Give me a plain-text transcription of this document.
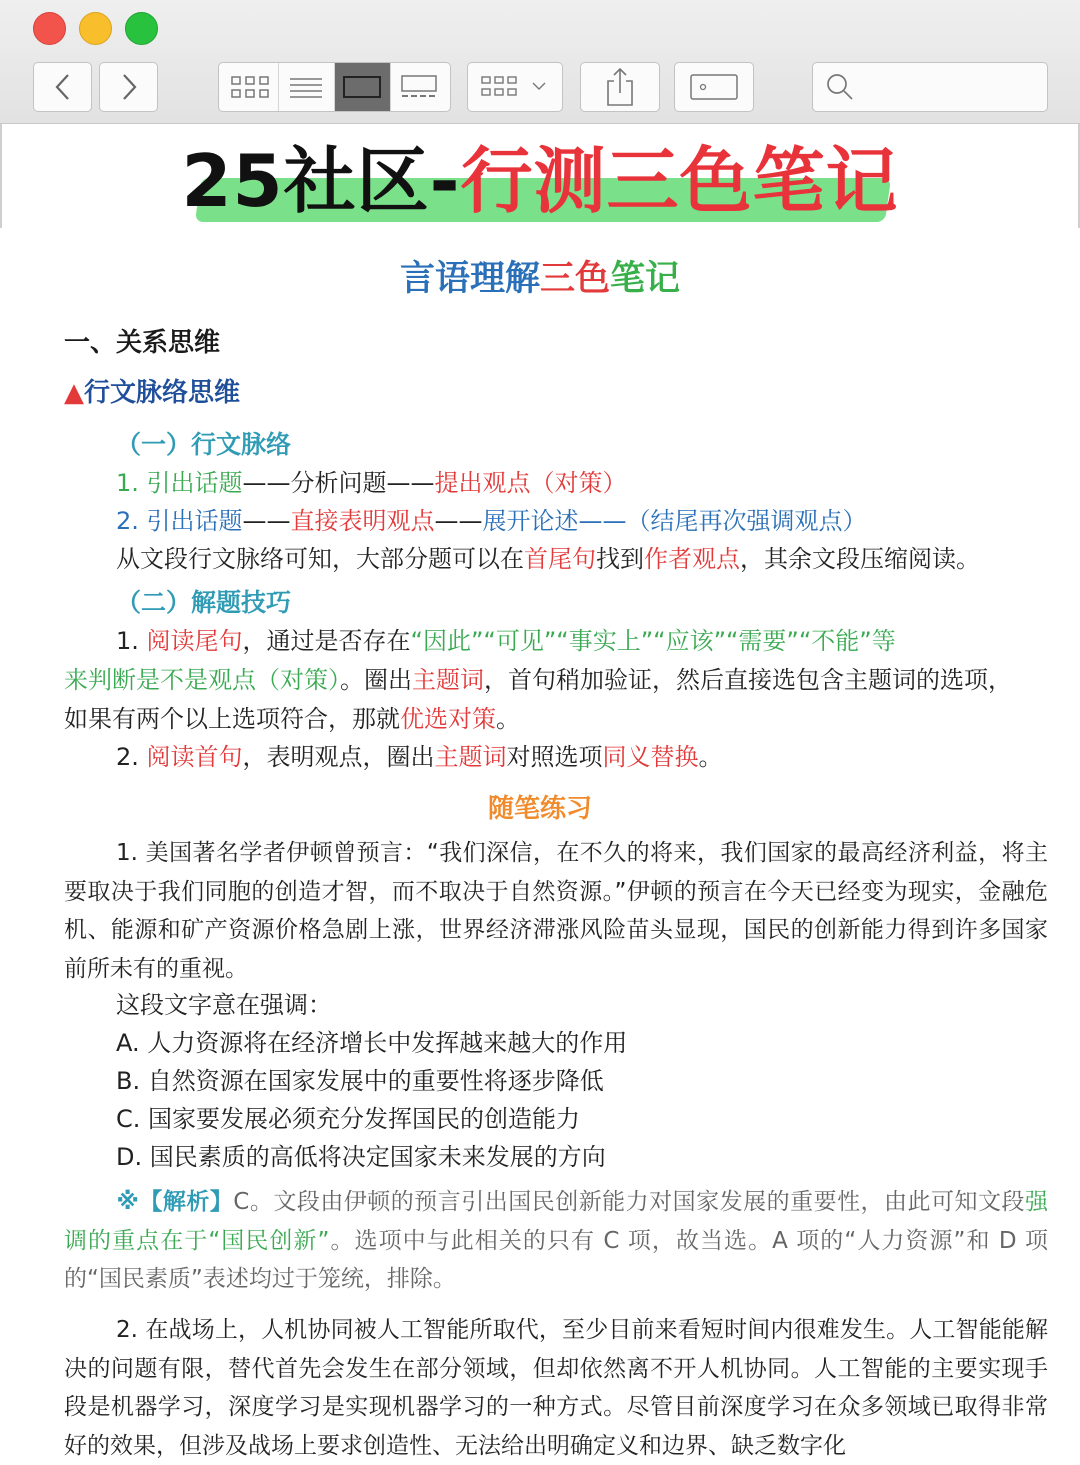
25社区-行测三色笔记
言语理解三色笔记
一、关系思维
▲行文脉络思维
（一）行文脉络
1. 引出话题——分析问题——提出观点（对策）
2. 引出话题——直接表明观点——展开论述——（结尾再次强调观点）
从文段行文脉络可知，大部分题可以在首尾句找到作者观点，其余文段压缩阅读。
（二）解题技巧
1. 阅读尾句，通过是否存在“因此”“可见”“事实上”“应该”“需要”“不能”等
来判断是不是观点（对策）。圈出主题词，首句稍加验证，然后直接选包含主题词的选项，
如果有两个以上选项符合，那就优选对策。
2. 阅读首句，表明观点，圈出主题词对照选项同义替换。
随笔练习
1. 美国著名学者伊顿曾预言：“我们深信，在不久的将来，我们国家的最高经济利益，将主要取决于我们同胞的创造才智，而不取决于自然资源。”伊顿的预言在今天已经变为现实，金融危机、能源和矿产资源价格急剧上涨，世界经济滞涨风险苗头显现，国民的创新能力得到许多国家前所未有的重视。
这段文字意在强调：
A. 人力资源将在经济增长中发挥越来越大的作用
B. 自然资源在国家发展中的重要性将逐步降低
C. 国家要发展必须充分发挥国民的创造能力
D. 国民素质的高低将决定国家未来发展的方向
※【解析】C。文段由伊顿的预言引出国民创新能力对国家发展的重要性，由此可知文段强调的重点在于“国民创新”。选项中与此相关的只有 C 项，故当选。A 项的“人力资源”和 D 项的“国民素质”表述均过于笼统，排除。
2. 在战场上，人机协同被人工智能所取代，至少目前来看短时间内很难发生。人工智能能解决的问题有限，替代首先会发生在部分领域，但却依然离不开人机协同。人工智能的主要实现手段是机器学习，深度学习是实现机器学习的一种方式。尽管目前深度学习在众多领域已取得非常好的效果，但涉及战场上要求创造性、无法给出明确定义和边界、缺乏数字化
